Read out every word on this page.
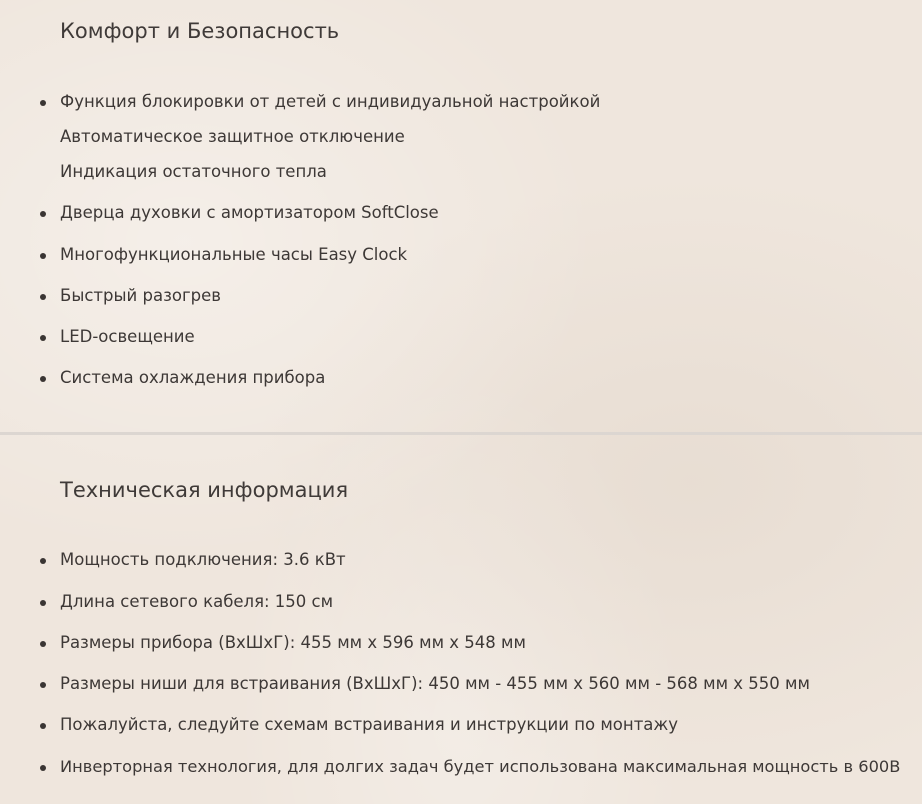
Комфорт и Безопасность
Функция блокировки от детей с индивидуальной настройкой
Автоматическое защитное отключение
Индикация остаточного тепла
Дверца духовки с амортизатором SoftClose
Многофункциональные часы Easy Clock
Быстрый разогрев
LED-освещение
Система охлаждения прибора
Техническая информация
Мощность подключения: 3.6 кВт
Длина сетевого кабеля: 150 см
Размеры прибора (ВхШхГ): 455 мм x 596 мм x 548 мм
Размеры ниши для встраивания (ВхШхГ): 450 мм - 455 мм x 560 мм - 568 мм x 550 мм
Пожалуйста, следуйте схемам встраивания и инструкции по монтажу
Инверторная технология, для долгих задач будет использована максимальная мощность в 600В
